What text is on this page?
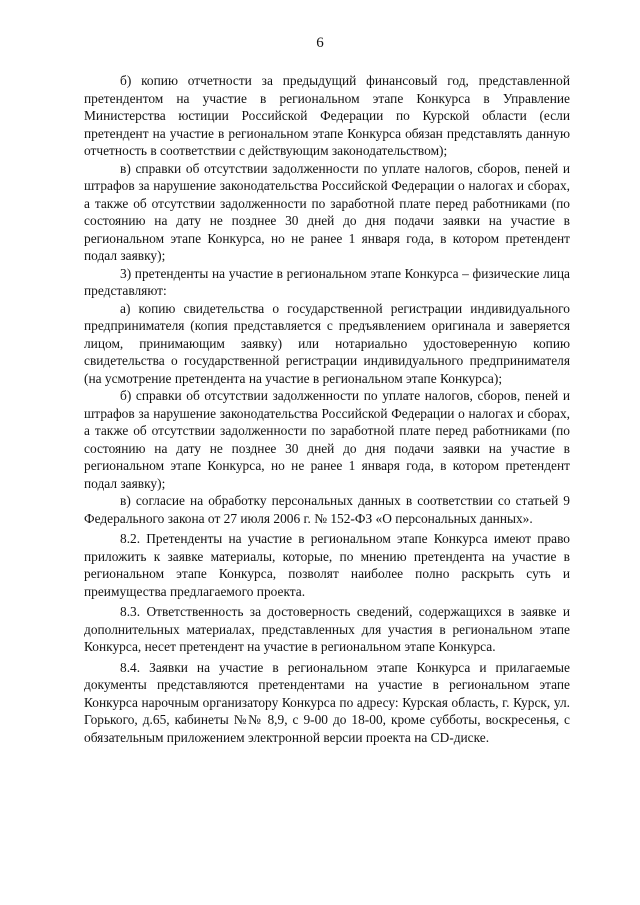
6

б) копию отчетности за предыдущий финансовый год, представленной претендентом на участие в региональном этапе Конкурса в Управление Министерства юстиции Российской Федерации по Курской области (если претендент на участие в региональном этапе Конкурса обязан представлять данную отчетность в соответствии с действующим законодательством);

в) справки об отсутствии задолженности по уплате налогов, сборов, пеней и штрафов за нарушение законодательства Российской Федерации о налогах и сборах, а также об отсутствии задолженности по заработной плате перед работниками (по состоянию на дату не позднее 30 дней до дня подачи заявки на участие в региональном этапе Конкурса, но не ранее 1 января года, в котором претендент подал заявку);

3) претенденты на участие в региональном этапе Конкурса – физические лица представляют:

а) копию свидетельства о государственной регистрации индивидуального предпринимателя (копия представляется с предъявлением оригинала и заверяется лицом, принимающим заявку) или нотариально удостоверенную копию свидетельства о государственной регистрации индивидуального предпринимателя (на усмотрение претендента на участие в региональном этапе Конкурса);

б) справки об отсутствии задолженности по уплате налогов, сборов, пеней и штрафов за нарушение законодательства Российской Федерации о налогах и сборах, а также об отсутствии задолженности по заработной плате перед работниками (по состоянию на дату не позднее 30 дней до дня подачи заявки на участие в региональном этапе Конкурса, но не ранее 1 января года, в котором претендент подал заявку);

в) согласие на обработку персональных данных в соответствии со статьей 9 Федерального закона от 27 июля 2006 г. № 152-ФЗ «О персональных данных».

8.2. Претенденты на участие в региональном этапе Конкурса имеют право приложить к заявке материалы, которые, по мнению претендента на участие в региональном этапе Конкурса, позволят наиболее полно раскрыть суть и преимущества предлагаемого проекта.

8.3. Ответственность за достоверность сведений, содержащихся в заявке и дополнительных материалах, представленных для участия в региональном этапе Конкурса, несет претендент на участие в региональном этапе Конкурса.

8.4. Заявки на участие в региональном этапе Конкурса и прилагаемые документы представляются претендентами на участие в региональном этапе Конкурса нарочным организатору Конкурса по адресу: Курская область, г. Курск, ул. Горького, д.65, кабинеты №№ 8,9, с 9-00 до 18-00, кроме субботы, воскресенья, с обязательным приложением электронной версии проекта на CD-диске.
